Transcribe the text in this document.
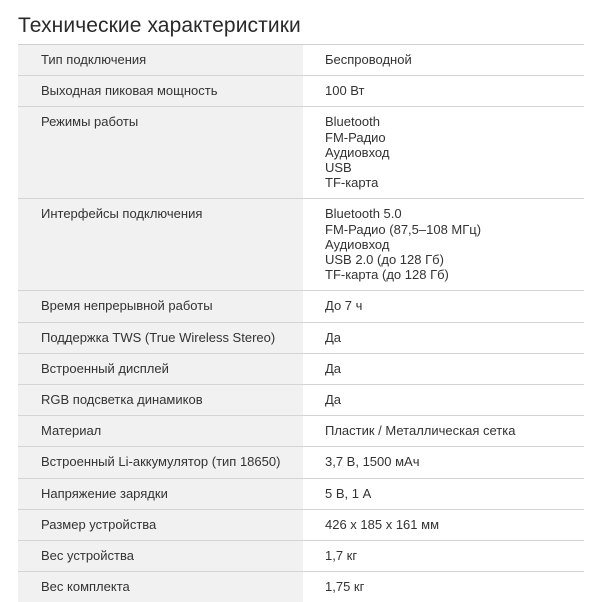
Технические характеристики
Тип подключения	Беспроводной

Выходная пиковая мощность	100 Вт

Режимы работы	Bluetooth
FM-Радио
Аудиовход
USB
TF-карта

Интерфейсы подключения	Bluetooth 5.0
FM-Радио (87,5–108 МГц)
Аудиовход
USB 2.0 (до 128 Гб)
TF-карта (до 128 Гб)

Время непрерывной работы	До 7 ч

Поддержка TWS (True Wireless Stereo)	Да

Встроенный дисплей	Да

RGB подсветка динамиков	Да

Материал	Пластик / Металлическая сетка

Встроенный Li-аккумулятор (тип 18650)	3,7 В, 1500 мАч

Напряжение зарядки	5 В, 1 А

Размер устройства	426 х 185 х 161 мм

Вес устройства	1,7 кг

Вес комплекта	1,75 кг
